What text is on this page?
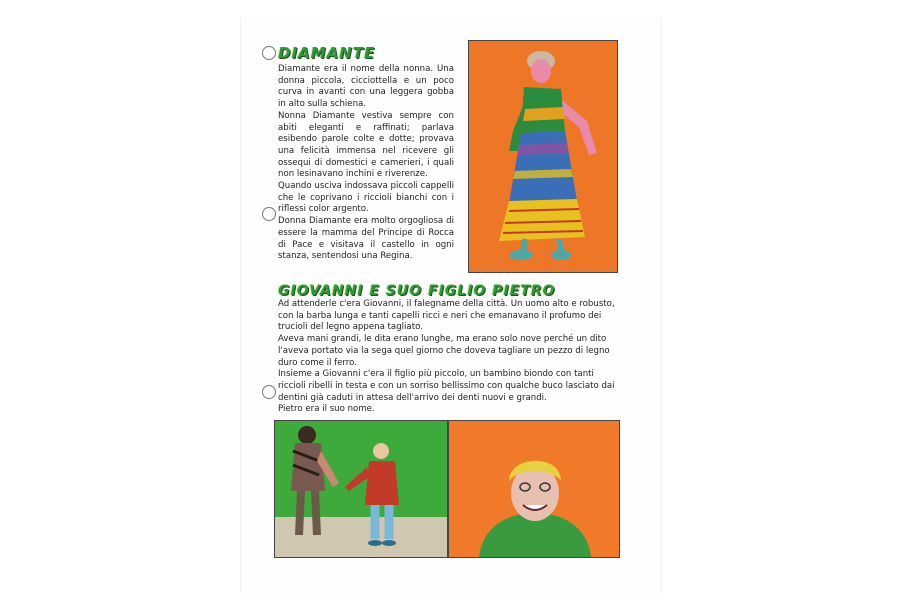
DIAMANTE

Diamante era il nome della nonna. Una donna piccola, cicciottella e un poco curva in avanti con una leggera gobba in alto sulla schiena.

Nonna Diamante vestiva sempre con abiti eleganti e raffinati; parlava esibendo parole colte e dotte; provava una felicità immensa nel ricevere gli ossequi di domestici e camerieri, i quali non lesinavano inchini e riverenze.

Quando usciva indossava piccoli cappelli che le coprivano i riccioli bianchi con i riflessi color argento.

Donna Diamante era molto orgogliosa di essere la mamma del Principe di Rocca di Pace e visitava il castello in ogni stanza, sentendosi una Regina.

GIOVANNI E SUO FIGLIO PIETRO

Ad attenderle c'era Giovanni, il falegname della città. Un uomo alto e robusto, con la barba lunga e tanti capelli ricci e neri che emanavano il profumo dei trucioli del legno appena tagliato.

Aveva mani grandi, le dita erano lunghe, ma erano solo nove perché un dito l'aveva portato via la sega quel giorno che doveva tagliare un pezzo di legno duro come il ferro.

Insieme a Giovanni c'era il figlio più piccolo, un bambino biondo con tanti riccioli ribelli in testa e con un sorriso bellissimo con qualche buco lasciato dai dentini già caduti in attesa dell'arrivo dei denti nuovi e grandi.

Pietro era il suo nome.
